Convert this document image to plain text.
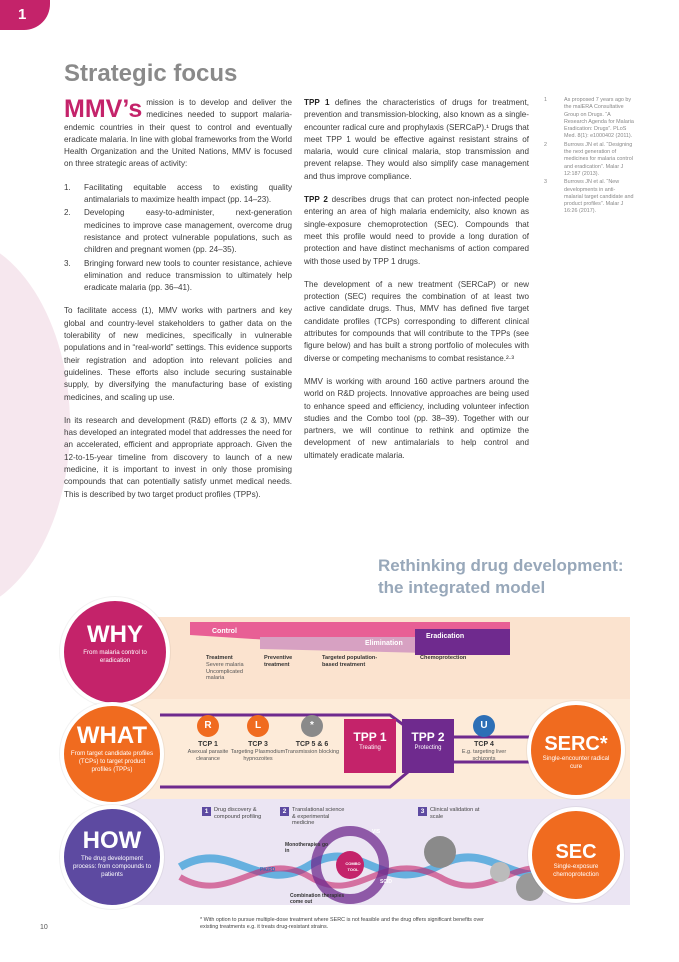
1
Strategic focus

MMV’s mission is to develop and deliver the medicines needed to support malaria-endemic countries in their quest to control and eventually eradicate malaria. In line with global frameworks from the World Health Organization and the United Nations, MMV is focused on three strategic areas of activity:

1.	Facilitating equitable access to existing quality antimalarials to maximize health impact (pp. 14–23).
2.	Developing easy-to-administer, next-generation medicines to improve case management, overcome drug resistance and protect vulnerable populations, such as children and pregnant women (pp. 24–35).
3.	Bringing forward new tools to counter resistance, achieve elimination and reduce transmission to ultimately help eradicate malaria (pp. 36–41).

To facilitate access (1), MMV works with partners and key global and country-level stakeholders to gather data on the tolerability of new medicines, specifically in vulnerable populations and in “real-world” settings. This evidence supports their registration and adoption into relevant policies and guidelines. These efforts also include securing sustainable supply, by diversifying the manufacturing base of existing medicines, and scaling up use.

In its research and development (R&D) efforts (2 & 3), MMV has developed an integrated model that addresses the need for an accelerated, efficient and appropriate approach. Given the 12-to-15-year timeline from discovery to launch of a new medicine, it is important to invest in only those promising compounds that can potentially satisfy unmet medical needs. This is described by two target product profiles (TPPs).

TPP 1 defines the characteristics of drugs for treatment, prevention and transmission-blocking, also known as a single-encounter radical cure and prophylaxis (SERCaP).¹ Drugs that meet TPP 1 would be effective against resistant strains of malaria, would cure clinical malaria, stop transmission and prevent relapse. They would also simplify case management and thus improve compliance.

TPP 2 describes drugs that can protect non-infected people entering an area of high malaria endemicity, also known as single-exposure chemoprotection (SEC). Compounds that meet this profile would need to provide a long duration of protection and have distinct mechanisms of action compared with those used by TPP 1 drugs.

The development of a new treatment (SERCaP) or new protection (SEC) requires the combination of at least two active candidate drugs. Thus, MMV has defined five target candidate profiles (TCPs) corresponding to different clinical attributes for compounds that will contribute to the TPPs (see figure below) and has built a strong portfolio of molecules with diverse or competing mechanisms to combat resistance.²·³

MMV is working with around 160 active partners around the world on R&D projects. Innovative approaches are being used to enhance speed and efficiency, including volunteer infection studies and the Combo tool (pp. 38–39). Together with our partners, we will continue to rethink and optimize the development of new antimalarials to help control and ultimately eradicate malaria.

1	As proposed 7 years ago by the malERA Consultative Group on Drugs. “A Research Agenda for Malaria Eradication: Drugs”. PLoS Med. 8(1): e1000402 (2011).
2	Burrows JN et al. “Designing the next generation of medicines for malaria control and eradication”. Malar J 12:187 (2013).
3	Burrows JN et al. “New developments in anti-malarial target candidate and product profiles”. Malar J 16:26 (2017).
Rethinking drug development:
the integrated model
Control
Elimination
Eradication
Treatment
Severe malaria Uncomplicated malaria
Preventive treatment
Targeted population-based treatment
Chemoprotection
WHY
From malaria control to eradication
WHAT
From target candidate profiles (TCPs) to target product profiles (TPPs)
HOW
The drug development process: from compounds to patients
SERC*
Single-encounter radical cure
SEC
Single-exposure chemoprotection
R
TCP 1
Asexual parasite clearance
L
TCP 3
Targeting Plasmodium hypnozoites
*
TCP 5 & 6
Transmission blocking
TPP 1
Treating
TPP 2
Protecting
U
TCP 4
E.g. targeting liver schizonts
1	Drug discovery & compound profiling
2	Translational science & experimental medicine
3	Clinical validation at scale
Monotherapies go in
COMBO TOOL
VIS
SCID
PK/PD
Combination therapies come out
* With option to pursue multiple-dose treatment where SERC is not feasible and the drug offers significant benefits over existing treatments e.g. it treats drug-resistant strains.
10
